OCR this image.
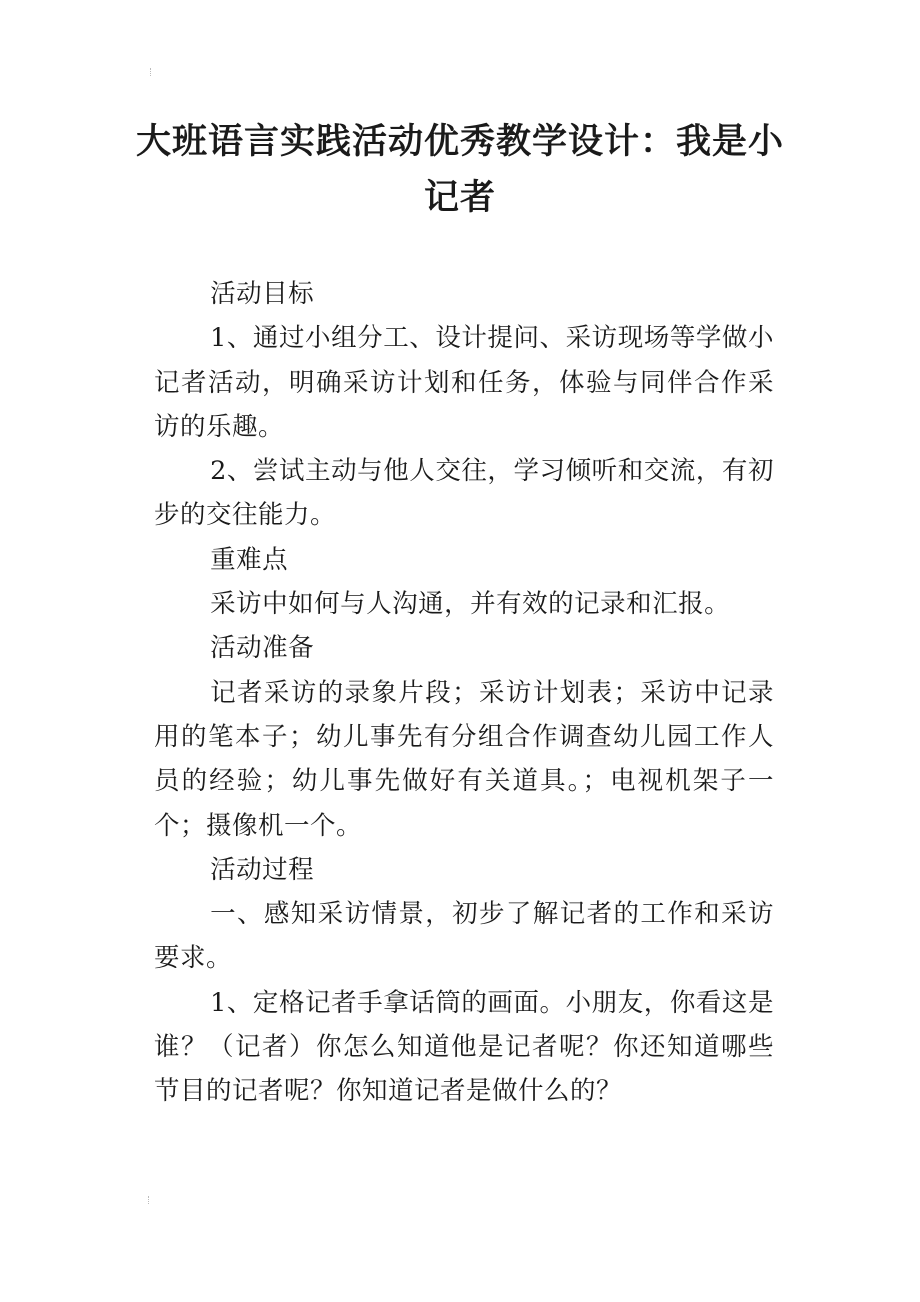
大班语言实践活动优秀教学设计：我是小记者

活动目标

1、通过小组分工、设计提问、采访现场等学做小记者活动，明确采访计划和任务，体验与同伴合作采访的乐趣。

2、尝试主动与他人交往，学习倾听和交流，有初步的交往能力。

重难点

采访中如何与人沟通，并有效的记录和汇报。

活动准备

记者采访的录象片段；采访计划表；采访中记录用的笔本子；幼儿事先有分组合作调查幼儿园工作人员的经验；幼儿事先做好有关道具。；电视机架子一个；摄像机一个。

活动过程

一、感知采访情景，初步了解记者的工作和采访要求。

1、定格记者手拿话筒的画面。小朋友，你看这是谁？（记者）你怎么知道他是记者呢？你还知道哪些节目的记者呢？你知道记者是做什么的？
